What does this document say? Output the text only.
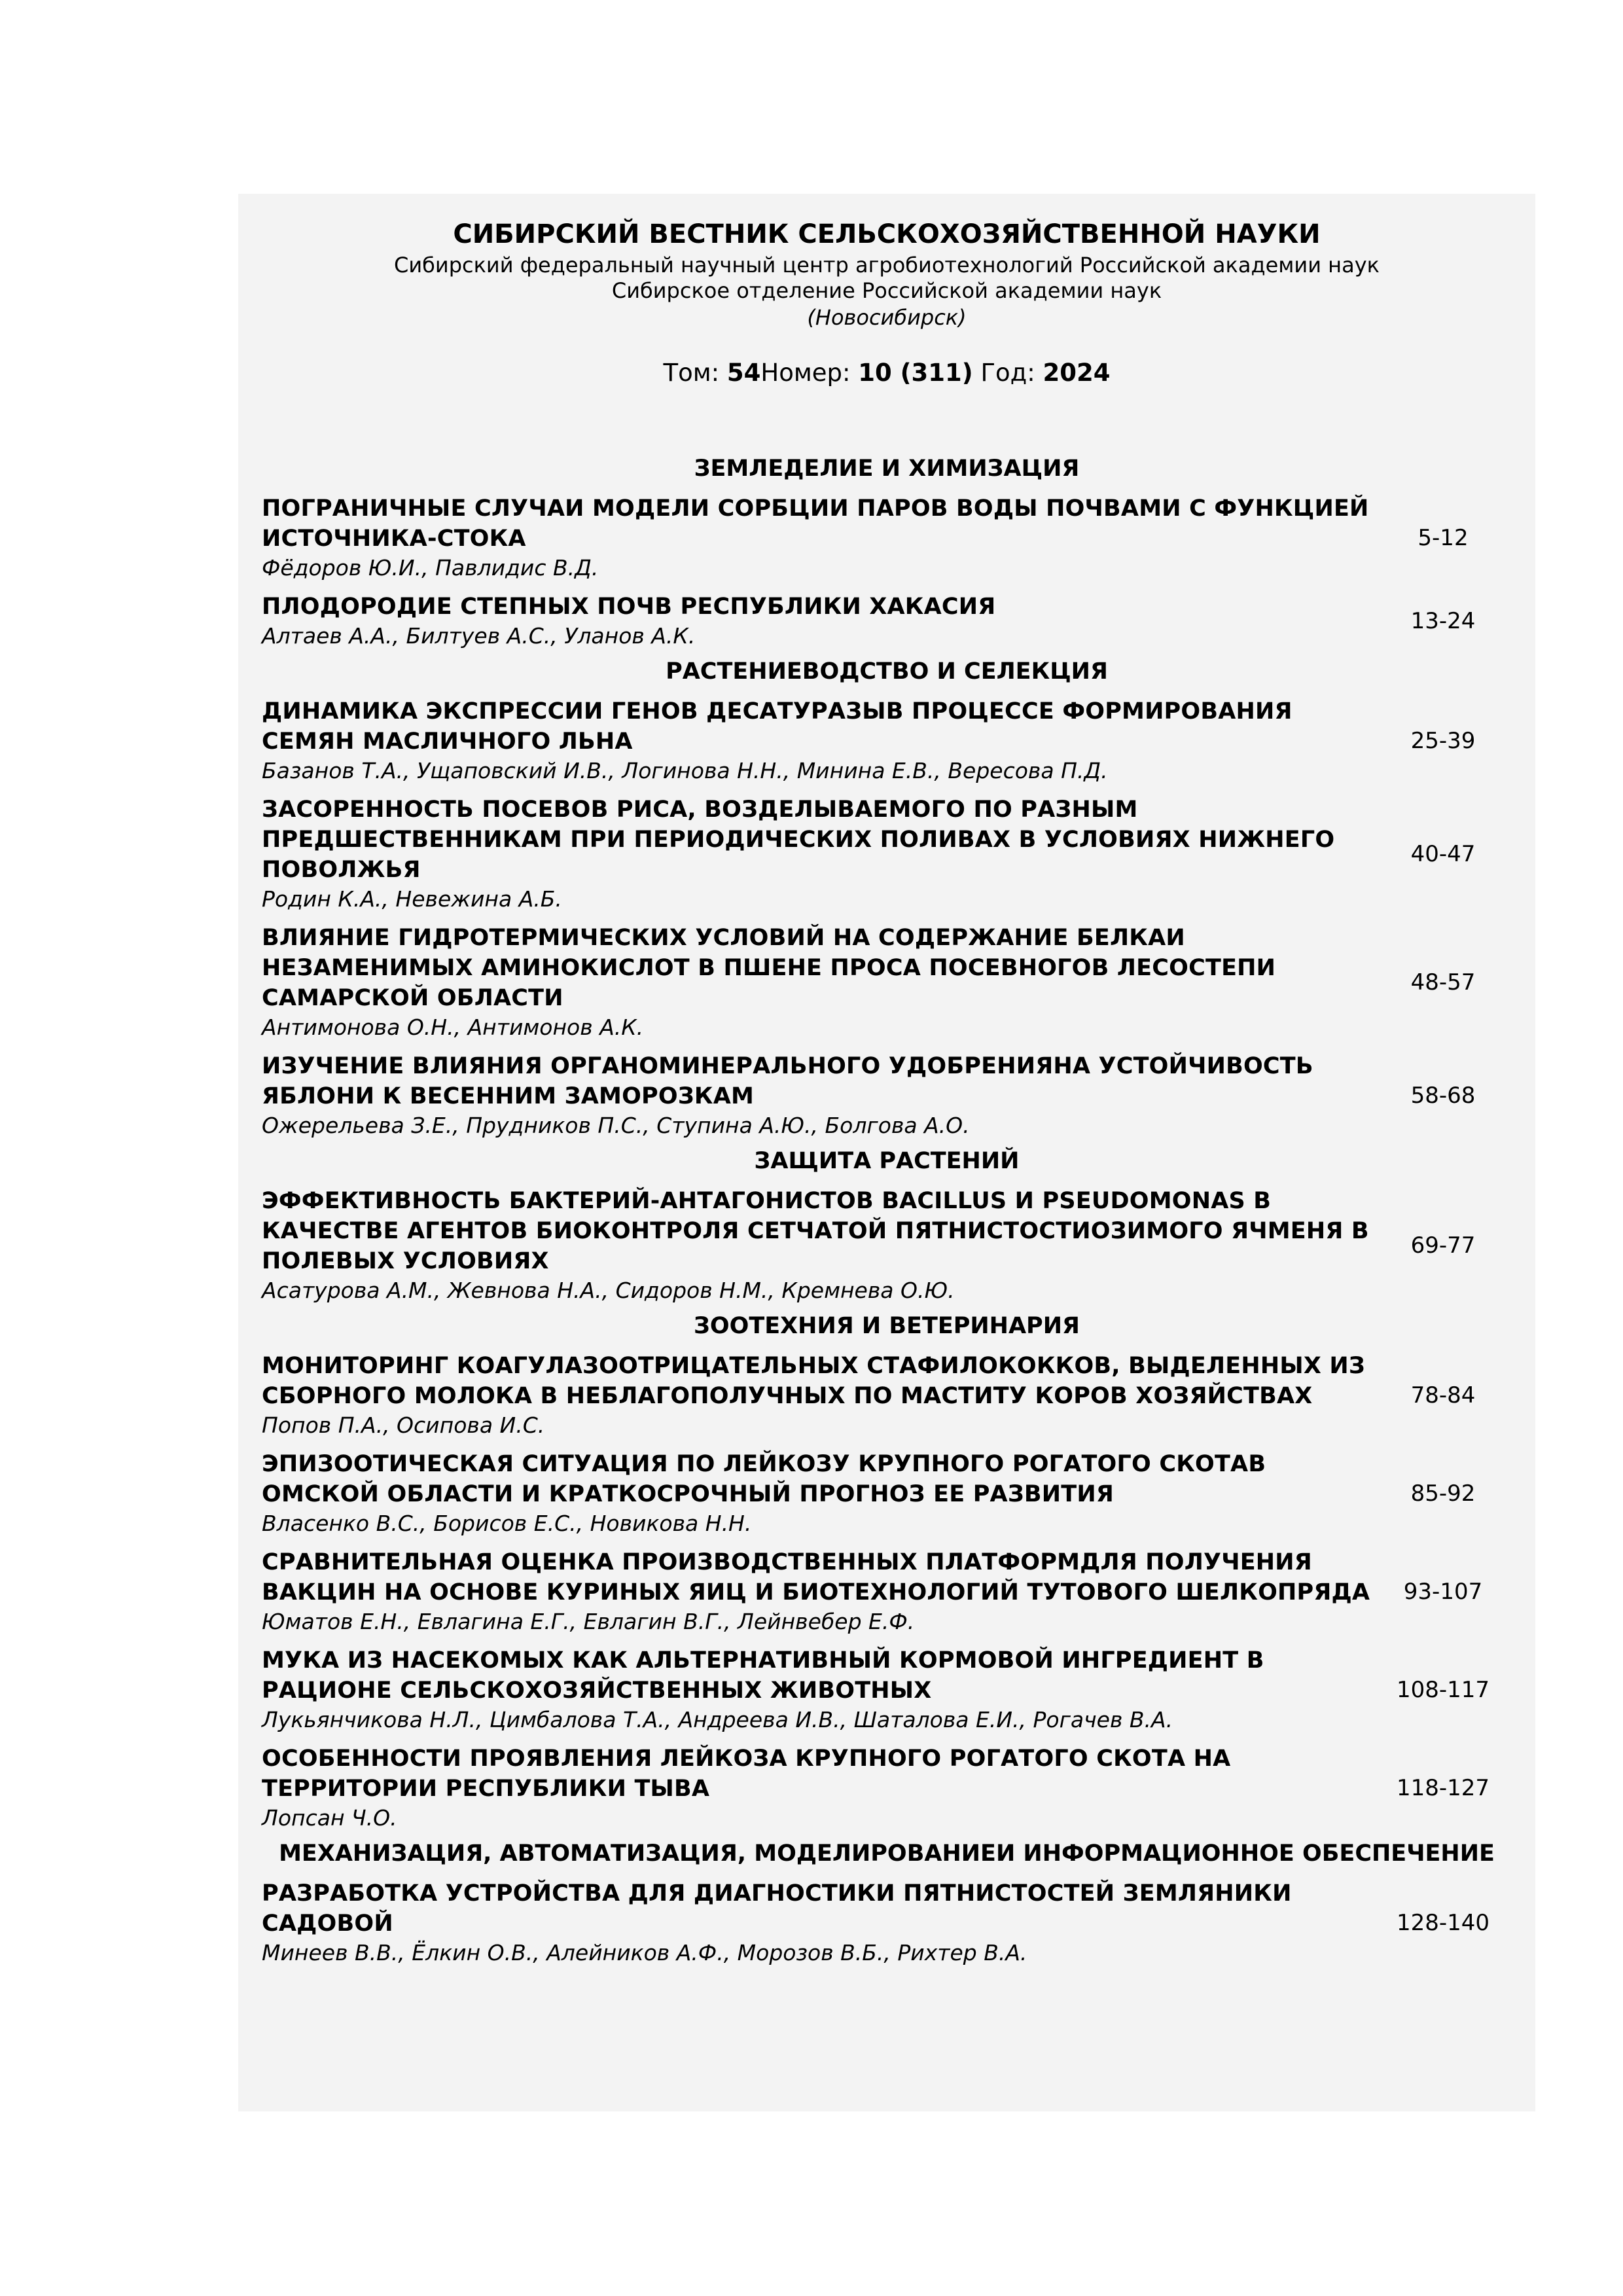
СИБИРСКИЙ ВЕСТНИК СЕЛЬСКОХОЗЯЙСТВЕННОЙ НАУКИ
Сибирский федеральный научный центр агробиотехнологий Российской академии наук
Сибирское отделение Российской академии наук
(Новосибирск)
Том: 54Номер: 10 (311) Год: 2024
ЗЕМЛЕДЕЛИЕ И ХИМИЗАЦИЯ
ПОГРАНИЧНЫЕ СЛУЧАИ МОДЕЛИ СОРБЦИИ ПАРОВ ВОДЫ ПОЧВАМИ С ФУНКЦИЕЙ
ИСТОЧНИКА-СТОКА
Фёдоров Ю.И., Павлидис В.Д.
5-12
ПЛОДОРОДИЕ СТЕПНЫХ ПОЧВ РЕСПУБЛИКИ ХАКАСИЯ
Алтаев А.А., Билтуев А.С., Уланов А.К.
13-24
РАСТЕНИЕВОДСТВО И СЕЛЕКЦИЯ
ДИНАМИКА ЭКСПРЕССИИ ГЕНОВ ДЕСАТУРАЗЫВ ПРОЦЕССЕ ФОРМИРОВАНИЯ
СЕМЯН МАСЛИЧНОГО ЛЬНА
Базанов Т.А., Ущаповский И.В., Логинова Н.Н., Минина Е.В., Вересова П.Д.
25-39
ЗАСОРЕННОСТЬ ПОСЕВОВ РИСА, ВОЗДЕЛЫВАЕМОГО ПО РАЗНЫМ
ПРЕДШЕСТВЕННИКАМ ПРИ ПЕРИОДИЧЕСКИХ ПОЛИВАХ В УСЛОВИЯХ НИЖНЕГО
ПОВОЛЖЬЯ
Родин К.А., Невежина А.Б.
40-47
ВЛИЯНИЕ ГИДРОТЕРМИЧЕСКИХ УСЛОВИЙ НА СОДЕРЖАНИЕ БЕЛКАИ
НЕЗАМЕНИМЫХ АМИНОКИСЛОТ В ПШЕНЕ ПРОСА ПОСЕВНОГОВ ЛЕСОСТЕПИ
САМАРСКОЙ ОБЛАСТИ
Антимонова О.Н., Антимонов А.К.
48-57
ИЗУЧЕНИЕ ВЛИЯНИЯ ОРГАНОМИНЕРАЛЬНОГО УДОБРЕНИЯНА УСТОЙЧИВОСТЬ
ЯБЛОНИ К ВЕСЕННИМ ЗАМОРОЗКАМ
Ожерельева З.Е., Прудников П.С., Ступина А.Ю., Болгова А.О.
58-68
ЗАЩИТА РАСТЕНИЙ
ЭФФЕКТИВНОСТЬ БАКТЕРИЙ-АНТАГОНИСТОВ BACILLUS И PSEUDOMONAS В
КАЧЕСТВЕ АГЕНТОВ БИОКОНТРОЛЯ СЕТЧАТОЙ ПЯТНИСТОСТИОЗИМОГО ЯЧМЕНЯ В
ПОЛЕВЫХ УСЛОВИЯХ
Асатурова А.М., Жевнова Н.А., Сидоров Н.М., Кремнева О.Ю.
69-77
ЗООТЕХНИЯ И ВЕТЕРИНАРИЯ
МОНИТОРИНГ КОАГУЛАЗООТРИЦАТЕЛЬНЫХ СТАФИЛОКОККОВ, ВЫДЕЛЕННЫХ ИЗ
СБОРНОГО МОЛОКА В НЕБЛАГОПОЛУЧНЫХ ПО МАСТИТУ КОРОВ ХОЗЯЙСТВАХ
Попов П.А., Осипова И.С.
78-84
ЭПИЗООТИЧЕСКАЯ СИТУАЦИЯ ПО ЛЕЙКОЗУ КРУПНОГО РОГАТОГО СКОТАВ
ОМСКОЙ ОБЛАСТИ И КРАТКОСРОЧНЫЙ ПРОГНОЗ ЕЕ РАЗВИТИЯ
Власенко В.С., Борисов Е.С., Новикова Н.Н.
85-92
СРАВНИТЕЛЬНАЯ ОЦЕНКА ПРОИЗВОДСТВЕННЫХ ПЛАТФОРМДЛЯ ПОЛУЧЕНИЯ
ВАКЦИН НА ОСНОВЕ КУРИНЫХ ЯИЦ И БИОТЕХНОЛОГИЙ ТУТОВОГО ШЕЛКОПРЯДА
Юматов Е.Н., Евлагина Е.Г., Евлагин В.Г., Лейнвебер Е.Ф.
93-107
МУКА ИЗ НАСЕКОМЫХ КАК АЛЬТЕРНАТИВНЫЙ КОРМОВОЙ ИНГРЕДИЕНТ В
РАЦИОНЕ СЕЛЬСКОХОЗЯЙСТВЕННЫХ ЖИВОТНЫХ
Лукьянчикова Н.Л., Цимбалова Т.А., Андреева И.В., Шаталова Е.И., Рогачев В.А.
108-117
ОСОБЕННОСТИ ПРОЯВЛЕНИЯ ЛЕЙКОЗА КРУПНОГО РОГАТОГО СКОТА НА
ТЕРРИТОРИИ РЕСПУБЛИКИ ТЫВА
Лопсан Ч.О.
118-127
МЕХАНИЗАЦИЯ, АВТОМАТИЗАЦИЯ, МОДЕЛИРОВАНИЕИ ИНФОРМАЦИОННОЕ ОБЕСПЕЧЕНИЕ
РАЗРАБОТКА УСТРОЙСТВА ДЛЯ ДИАГНОСТИКИ ПЯТНИСТОСТЕЙ ЗЕМЛЯНИКИ
САДОВОЙ
Минеев В.В., Ёлкин О.В., Алейников А.Ф., Морозов В.Б., Рихтер В.А.
128-140
